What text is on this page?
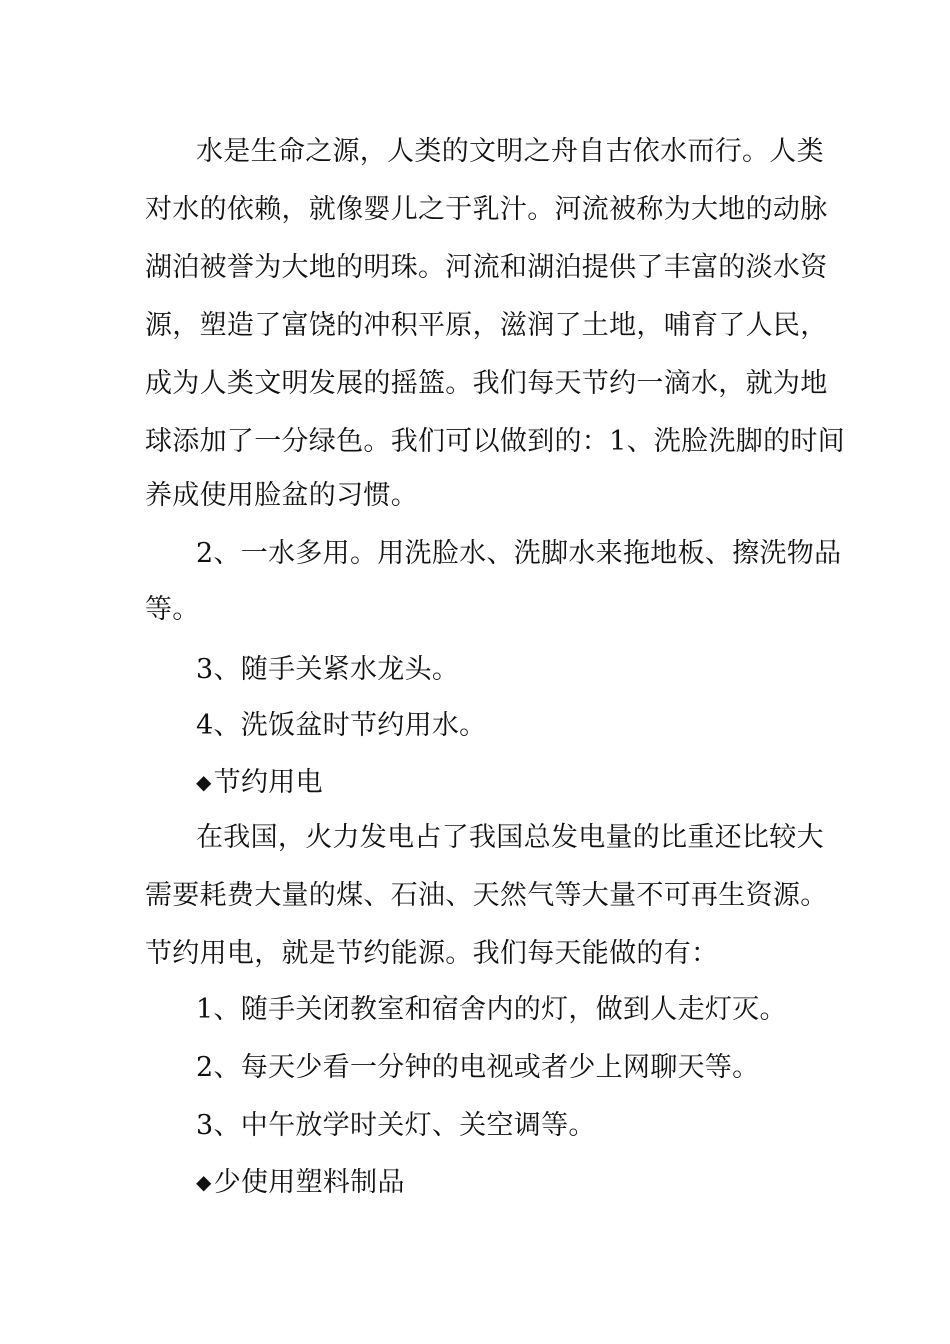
水是生命之源，人类的文明之舟自古依水而行。人类
对水的依赖，就像婴儿之于乳汁。河流被称为大地的动脉
湖泊被誉为大地的明珠。河流和湖泊提供了丰富的淡水资
源，塑造了富饶的冲积平原，滋润了土地，哺育了人民，
成为人类文明发展的摇篮。我们每天节约一滴水，就为地
球添加了一分绿色。我们可以做到的：1、洗脸洗脚的时间
养成使用脸盆的习惯。
2、一水多用。用洗脸水、洗脚水来拖地板、擦洗物品
等。
3、随手关紧水龙头。
4、洗饭盆时节约用水。
◆节约用电
在我国，火力发电占了我国总发电量的比重还比较大
需要耗费大量的煤、石油、天然气等大量不可再生资源。
节约用电，就是节约能源。我们每天能做的有：
1、随手关闭教室和宿舍内的灯，做到人走灯灭。
2、每天少看一分钟的电视或者少上网聊天等。
3、中午放学时关灯、关空调等。
◆少使用塑料制品
